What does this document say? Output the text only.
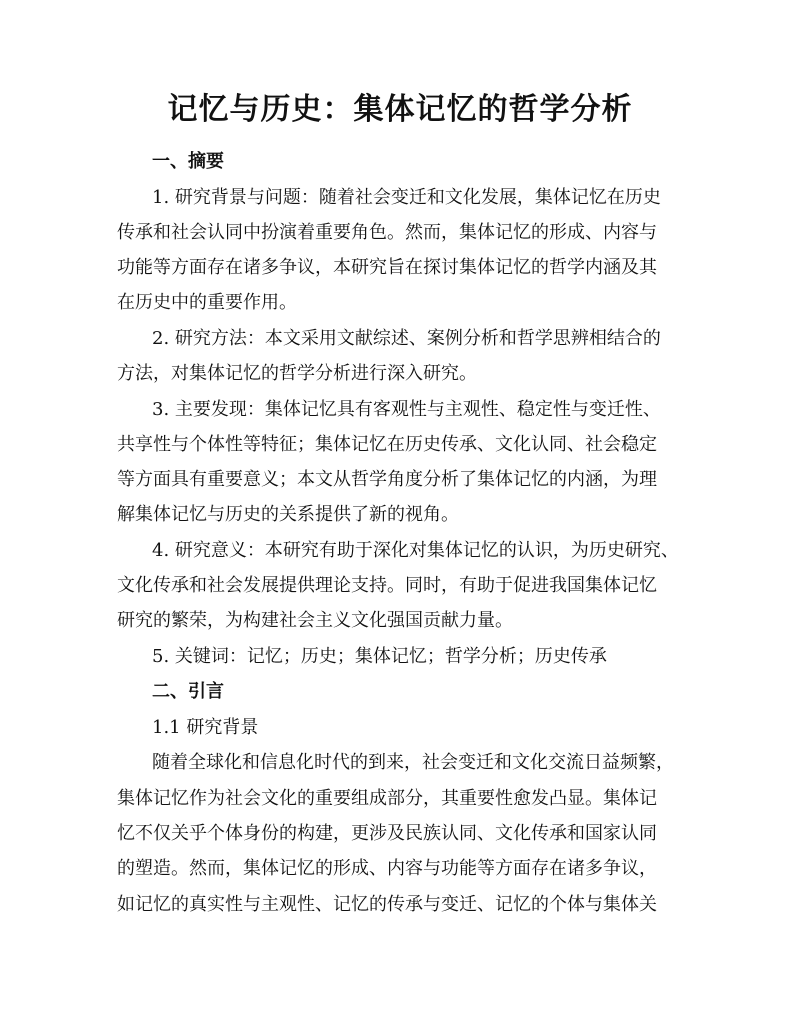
记忆与历史：集体记忆的哲学分析
一、摘要
1. 研究背景与问题：随着社会变迁和文化发展，集体记忆在历史
传承和社会认同中扮演着重要角色。然而，集体记忆的形成、内容与
功能等方面存在诸多争议，本研究旨在探讨集体记忆的哲学内涵及其
在历史中的重要作用。
2. 研究方法：本文采用文献综述、案例分析和哲学思辨相结合的
方法，对集体记忆的哲学分析进行深入研究。
3. 主要发现：集体记忆具有客观性与主观性、稳定性与变迁性、
共享性与个体性等特征；集体记忆在历史传承、文化认同、社会稳定
等方面具有重要意义；本文从哲学角度分析了集体记忆的内涵，为理
解集体记忆与历史的关系提供了新的视角。
4. 研究意义：本研究有助于深化对集体记忆的认识，为历史研究、
文化传承和社会发展提供理论支持。同时，有助于促进我国集体记忆
研究的繁荣，为构建社会主义文化强国贡献力量。
5. 关键词：记忆；历史；集体记忆；哲学分析；历史传承
二、引言
1.1 研究背景
随着全球化和信息化时代的到来，社会变迁和文化交流日益频繁，
集体记忆作为社会文化的重要组成部分，其重要性愈发凸显。集体记
忆不仅关乎个体身份的构建，更涉及民族认同、文化传承和国家认同
的塑造。然而，集体记忆的形成、内容与功能等方面存在诸多争议，
如记忆的真实性与主观性、记忆的传承与变迁、记忆的个体与集体关
